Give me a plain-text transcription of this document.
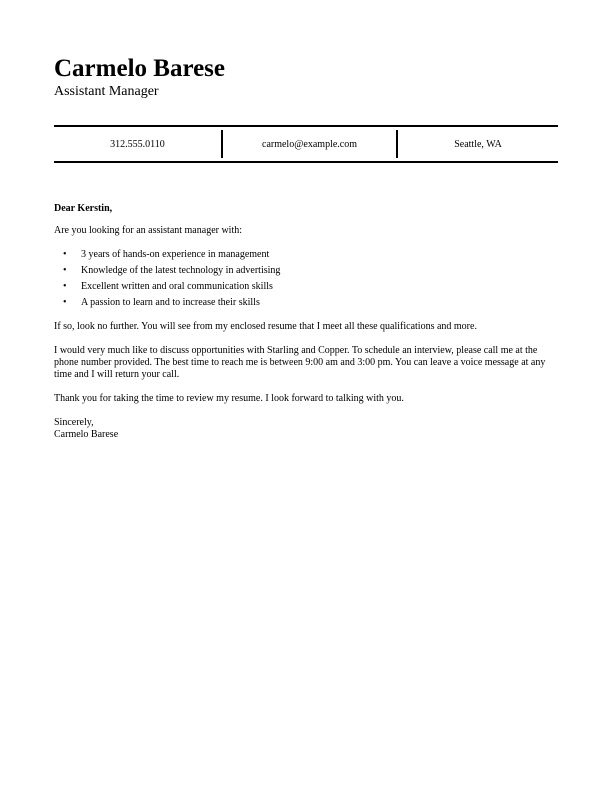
Carmelo Barese
Assistant Manager
312.555.0110	carmelo@example.com	Seattle, WA

Dear Kerstin,

Are you looking for an assistant manager with:

• 3 years of hands-on experience in management
• Knowledge of the latest technology in advertising
• Excellent written and oral communication skills
• A passion to learn and to increase their skills

If so, look no further. You will see from my enclosed resume that I meet all these qualifications and more.

I would very much like to discuss opportunities with Starling and Copper. To schedule an interview, please call me at the phone number provided. The best time to reach me is between 9:00 am and 3:00 pm. You can leave a voice message at any time and I will return your call.

Thank you for taking the time to review my resume. I look forward to talking with you.

Sincerely,

Carmelo Barese
